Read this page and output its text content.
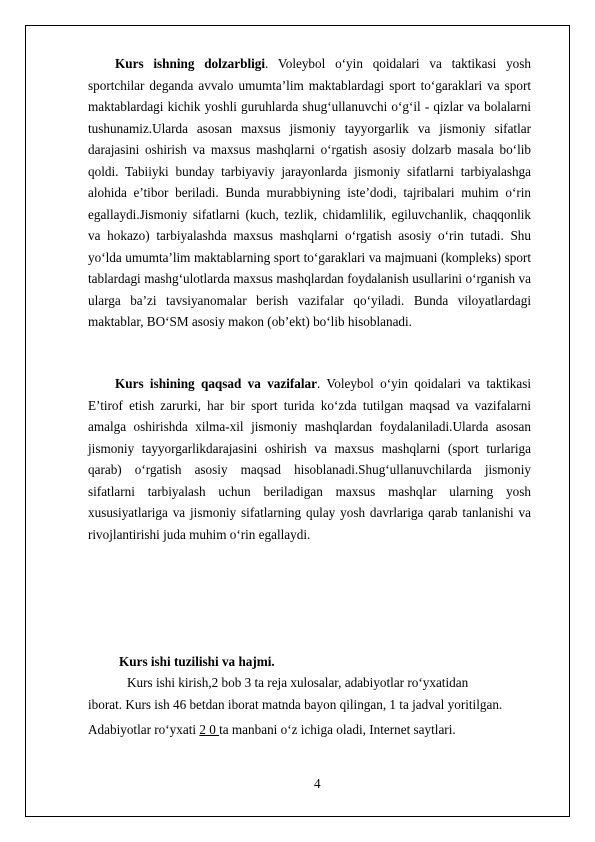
Kurs ishning dolzarbligi. Voleybol o‘yin qoidalari va taktikasi yosh sportchilar deganda avvalo umumta’lim maktablardagi sport to‘garaklari va sport maktablardagi kichik yoshli guruhlarda shug‘ullanuvchi o‘g‘il - qizlar va bolalarni tushunamiz.Ularda asosan maxsus jismoniy tayyorgarlik va jismoniy sifatlar darajasini oshirish va maxsus mashqlarni o‘rgatish asosiy dolzarb masala bo‘lib qoldi. Tabiiyki bunday tarbiyaviy jarayonlarda jismoniy sifatlarni tarbiyalashga alohida e’tibor beriladi. Bunda murabbiyning iste’dodi, tajribalari muhim o‘rin egallaydi.Jismoniy sifatlarni (kuch, tezlik, chidamlilik, egiluvchanlik, chaqqonlik va hokazo) tarbiyalashda maxsus mashqlarni o‘rgatish asosiy o‘rin tutadi. Shu yo‘lda umumta’lim maktablarning sport to‘garaklari va majmuani (kompleks) sport tablardagi mashg‘ulotlarda maxsus mashqlardan foydalanish usullarini o‘rganish va ularga ba’zi tavsiyanomalar berish vazifalar qo‘yiladi. Bunda viloyatlardagi maktablar, BO‘SM asosiy makon (ob’ekt) bo‘lib hisoblanadi.

Kurs ishining qaqsad va vazifalar. Voleybol o‘yin qoidalari va taktikasi E’tirof etish zarurki, har bir sport turida ko‘zda tutilgan maqsad va vazifalarni amalga oshirishda xilma-xil jismoniy mashqlardan foydalaniladi.Ularda asosan jismoniy tayyorgarlikdarajasini oshirish va maxsus mashqlarni (sport turlariga qarab) o‘rgatish asosiy maqsad hisoblanadi.Shug‘ullanuvchilarda jismoniy sifatlarni tarbiyalash uchun beriladigan maxsus mashqlar ularning yosh xususiyatlariga va jismoniy sifatlarning qulay yosh davrlariga qarab tanlanishi va rivojlantirishi juda muhim o‘rin egallaydi.

Kurs ishi tuzilishi va hajmi.

Kurs ishi kirish,2 bob 3 ta reja xulosalar, adabiyotlar ro‘yxatidan

iborat. Kurs ish 46 betdan iborat matnda bayon qilingan, 1 ta jadval yoritilgan.

Adabiyotlar ro‘yxati 2 0 ta manbani o‘z ichiga oladi, Internet saytlari.

4
